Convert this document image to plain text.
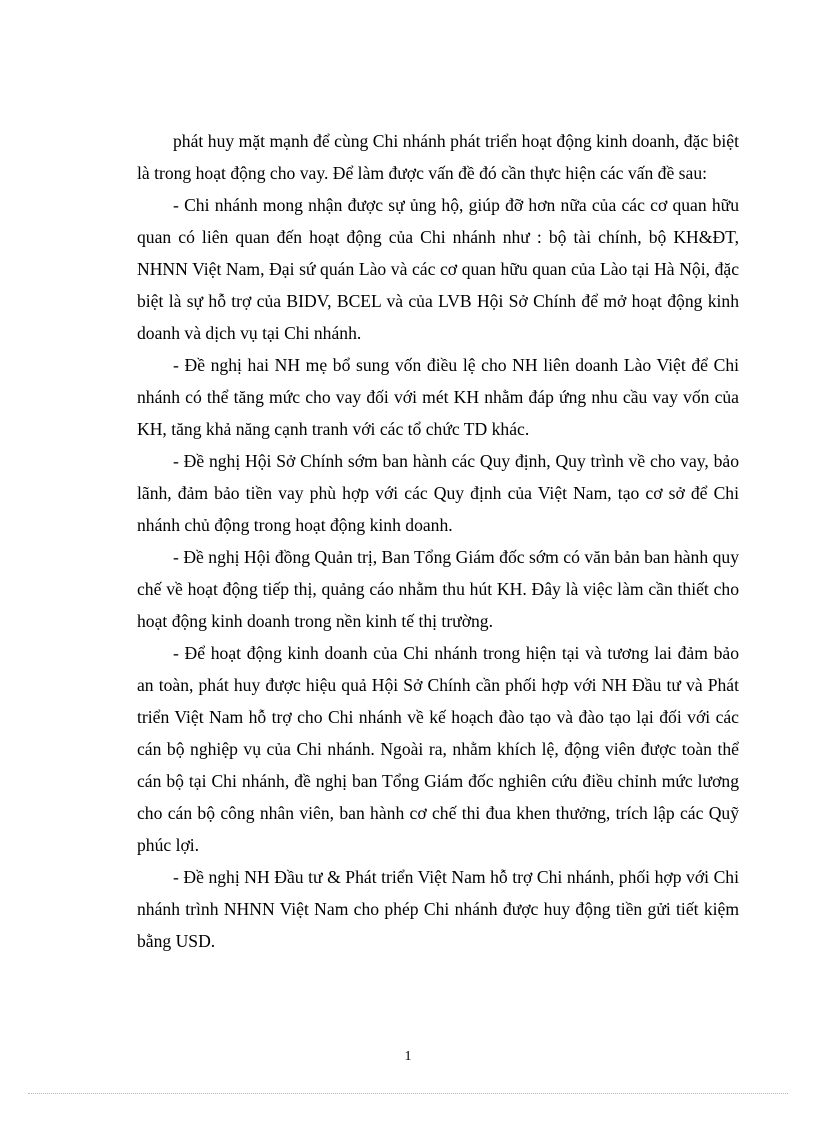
phát huy mặt mạnh để cùng Chi nhánh phát triển hoạt động kinh doanh, đặc biệt là trong hoạt động cho vay. Để làm được vấn đề đó cần thực hiện các vấn đề sau:

- Chi nhánh mong nhận được sự ủng hộ, giúp đỡ hơn nữa của các cơ quan hữu quan có liên quan đến hoạt động của Chi nhánh như : bộ tài chính, bộ KH&ĐT, NHNN Việt Nam, Đại sứ quán Lào và các cơ quan hữu quan của Lào tại Hà Nội, đặc biệt là sự hỗ trợ của BIDV, BCEL và của LVB Hội Sở Chính để mở hoạt động kinh doanh và dịch vụ tại Chi nhánh.

- Đề nghị hai NH mẹ bổ sung vốn điều lệ cho NH liên doanh Lào Việt để Chi nhánh có thể tăng mức cho vay đối với mét KH nhằm đáp ứng nhu cầu vay vốn của KH, tăng khả năng cạnh tranh với các tổ chức TD khác.

- Đề nghị Hội Sở Chính sớm ban hành các Quy định, Quy trình về cho vay, bảo lãnh, đảm bảo tiền vay phù hợp với các Quy định của Việt Nam, tạo cơ sở để Chi nhánh chủ động trong hoạt động kinh doanh.

- Đề nghị Hội đồng Quản trị, Ban Tổng Giám đốc sớm có văn bản ban hành quy chế về hoạt động tiếp thị, quảng cáo nhằm thu hút KH. Đây là việc làm cần thiết cho hoạt động kinh doanh trong nền kinh tế thị trường.

- Để hoạt động kinh doanh của Chi nhánh trong hiện tại và tương lai đảm bảo an toàn, phát huy được hiệu quả Hội Sở Chính cần phối hợp với NH Đầu tư và Phát triển Việt Nam hỗ trợ cho Chi nhánh về kế hoạch đào tạo và đào tạo lại đối với các cán bộ nghiệp vụ của Chi nhánh. Ngoài ra, nhằm khích lệ, động viên được toàn thể cán bộ tại Chi nhánh, đề nghị ban Tổng Giám đốc nghiên cứu điều chỉnh mức lương cho cán bộ công nhân viên, ban hành cơ chế thi đua khen thưởng, trích lập các Quỹ phúc lợi.

- Đề nghị NH Đầu tư & Phát triển Việt Nam hỗ trợ Chi nhánh, phối hợp với Chi nhánh trình NHNN Việt Nam cho phép Chi nhánh được huy động tiền gửi tiết kiệm bằng USD.

1
